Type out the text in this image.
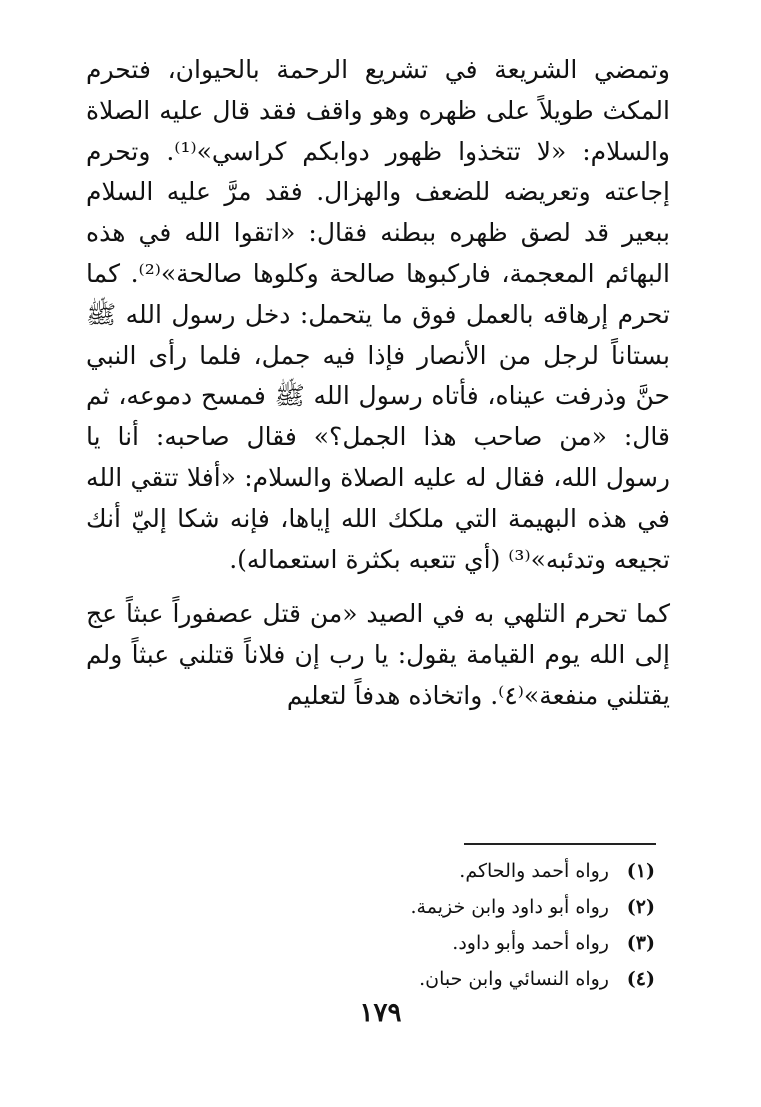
وتمضي الشريعة في تشريع الرحمة بالحيوان، فتحرم المكث طويلاً على ظهره وهو واقف فقد قال عليه الصلاة والسلام: «لا تتخذوا ظهور دوابكم كراسي»⁽¹⁾. وتحرم إجاعته وتعريضه للضعف والهزال. فقد مرَّ عليه السلام ببعير قد لصق ظهره ببطنه فقال: «اتقوا الله في هذه البهائم المعجمة، فاركبوها صالحة وكلوها صالحة»⁽²⁾. كما تحرم إرهاقه بالعمل فوق ما يتحمل: دخل رسول الله ﷺ بستاناً لرجل من الأنصار فإذا فيه جمل، فلما رأى النبي حنَّ وذرفت عيناه، فأتاه رسول الله ﷺ فمسح دموعه، ثم قال: «من صاحب هذا الجمل؟» فقال صاحبه: أنا يا رسول الله، فقال له عليه الصلاة والسلام: «أفلا تتقي الله في هذه البهيمة التي ملكك الله إياها، فإنه شكا إليّ أنك تجيعه وتدئبه»⁽³⁾ (أي تتعبه بكثرة استعماله).

كما تحرم التلهي به في الصيد «من قتل عصفوراً عبثاً عج إلى الله يوم القيامة يقول: يا رب إن فلاناً قتلني عبثاً ولم يقتلني منفعة»⁽٤⁾. واتخاذه هدفاً لتعليم

(١) رواه أحمد والحاكم.
(٢) رواه أبو داود وابن خزيمة.
(٣) رواه أحمد وأبو داود.
(٤) رواه النسائي وابن حبان.
١٧٩
